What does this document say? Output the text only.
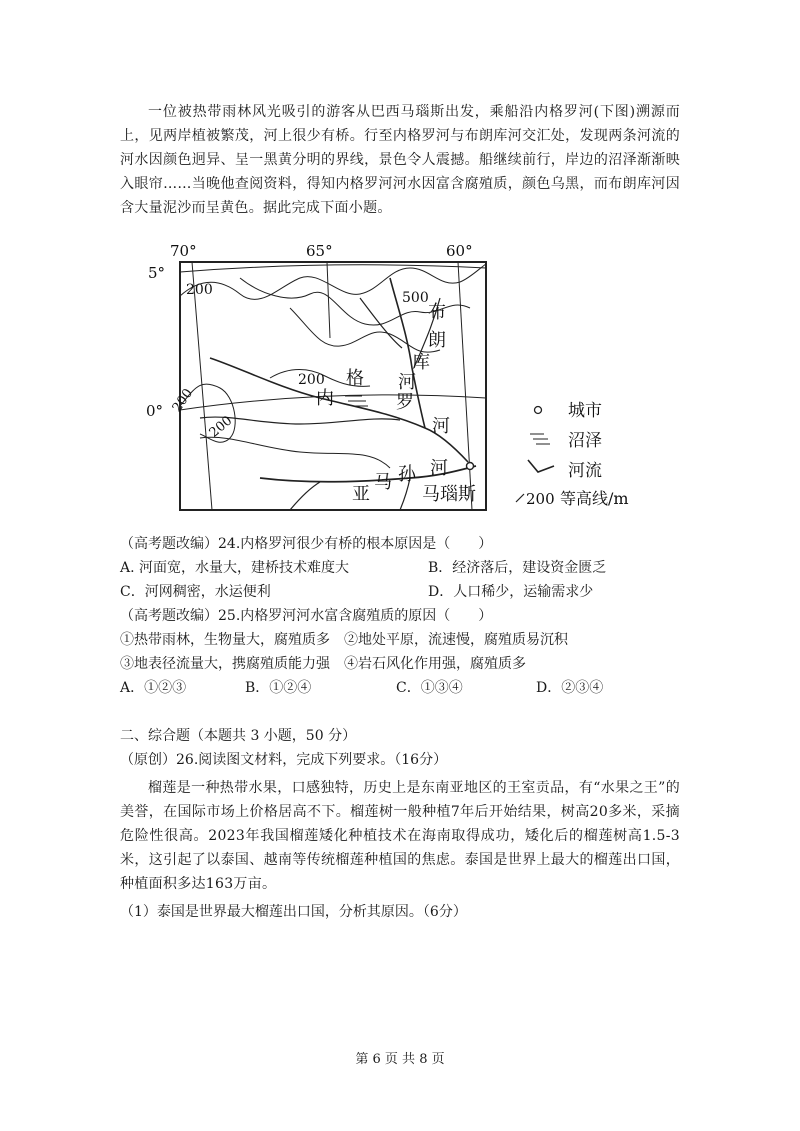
一位被热带雨林风光吸引的游客从巴西马瑙斯出发，乘船沿内格罗河(下图)溯源而上，见两岸植被繁茂，河上很少有桥。行至内格罗河与布朗库河交汇处，发现两条河流的河水因颜色迥异、呈一黑黄分明的界线，景色令人震撼。船继续前行，岸边的沼泽渐渐映入眼帘……当晚他查阅资料，得知内格罗河河水因富含腐殖质，颜色乌黑，而布朗库河因含大量泥沙而呈黄色。据此完成下面小题。

70°	65°	60°
5°
0°
200	500
200
200
200
布
朗
库
河
内
格
罗
河
亚
马 孙 河
马瑙斯
城市
沼泽
河流
200 等高线/m

（高考题改编）24.内格罗河很少有桥的根本原因是（　　）

A. 河面宽，水量大，建桥技术难度大	B．经济落后，建设资金匮乏

C．河网稠密，水运便利	D．人口稀少，运输需求少

（高考题改编）25.内格罗河河水富含腐殖质的原因（　　）

①热带雨林，生物量大，腐殖质多　②地处平原，流速慢，腐殖质易沉积

③地表径流量大，携腐殖质能力强　④岩石风化作用强，腐殖质多

A．①②③	B．①②④	C．①③④	D．②③④

二、综合题（本题共 3 小题，50 分）

（原创）26.阅读图文材料，完成下列要求。（16分）

榴莲是一种热带水果，口感独特，历史上是东南亚地区的王室贡品，有“水果之王”的美誉，在国际市场上价格居高不下。榴莲树一般种植7年后开始结果，树高20多米，采摘危险性很高。2023年我国榴莲矮化种植技术在海南取得成功，矮化后的榴莲树高1.5-3米，这引起了以泰国、越南等传统榴莲种植国的焦虑。泰国是世界上最大的榴莲出口国，种植面积多达163万亩。

（1）泰国是世界最大榴莲出口国，分析其原因。（6分）

第 6 页 共 8 页
